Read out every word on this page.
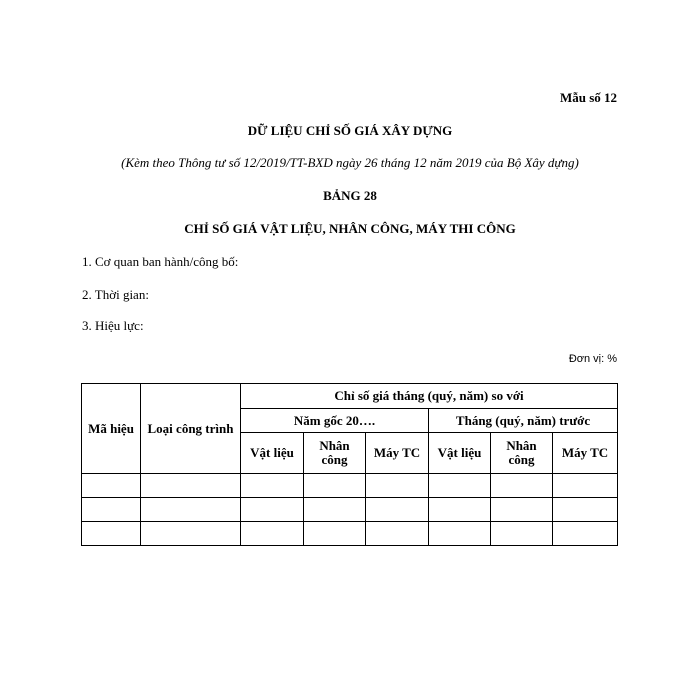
Mẫu số 12
DỮ LIỆU CHỈ SỐ GIÁ XÂY DỰNG
(Kèm theo Thông tư số 12/2019/TT-BXD ngày 26 tháng 12 năm 2019 của Bộ Xây dựng)
BẢNG 28
CHỈ SỐ GIÁ VẬT LIỆU, NHÂN CÔNG, MÁY THI CÔNG
1. Cơ quan ban hành/công bố:
2. Thời gian:
3. Hiệu lực:
Đơn vị: %
Mã hiệu	Loại công trình	Chỉ số giá tháng (quý, năm) so với					
		Năm gốc 20….			Tháng (quý, năm) trước		
		Vật liệu	Nhân công	Máy TC	Vật liệu	Nhân công	Máy TC
